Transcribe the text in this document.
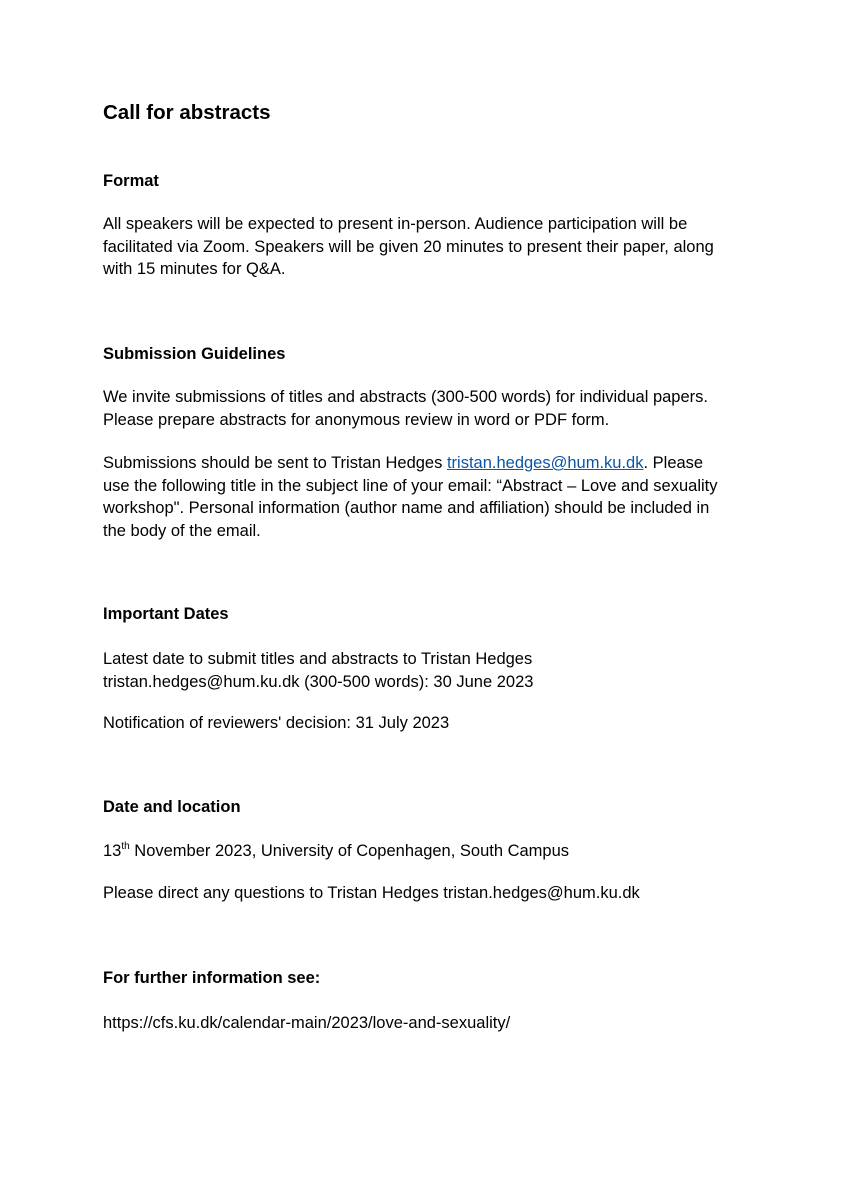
Call for abstracts
Format

All speakers will be expected to present in-person. Audience participation will be
facilitated via Zoom. Speakers will be given 20 minutes to present their paper, along
with 15 minutes for Q&A.

Submission Guidelines

We invite submissions of titles and abstracts (300-500 words) for individual papers.
Please prepare abstracts for anonymous review in word or PDF form.

Submissions should be sent to Tristan Hedges tristan.hedges@hum.ku.dk. Please
use the following title in the subject line of your email: “Abstract – Love and sexuality
workshop". Personal information (author name and affiliation) should be included in
the body of the email.

Important Dates

Latest date to submit titles and abstracts to Tristan Hedges
tristan.hedges@hum.ku.dk (300-500 words): 30 June 2023

Notification of reviewers' decision: 31 July 2023

Date and location

13th November 2023, University of Copenhagen, South Campus

Please direct any questions to Tristan Hedges tristan.hedges@hum.ku.dk

For further information see:

https://cfs.ku.dk/calendar-main/2023/love-and-sexuality/
